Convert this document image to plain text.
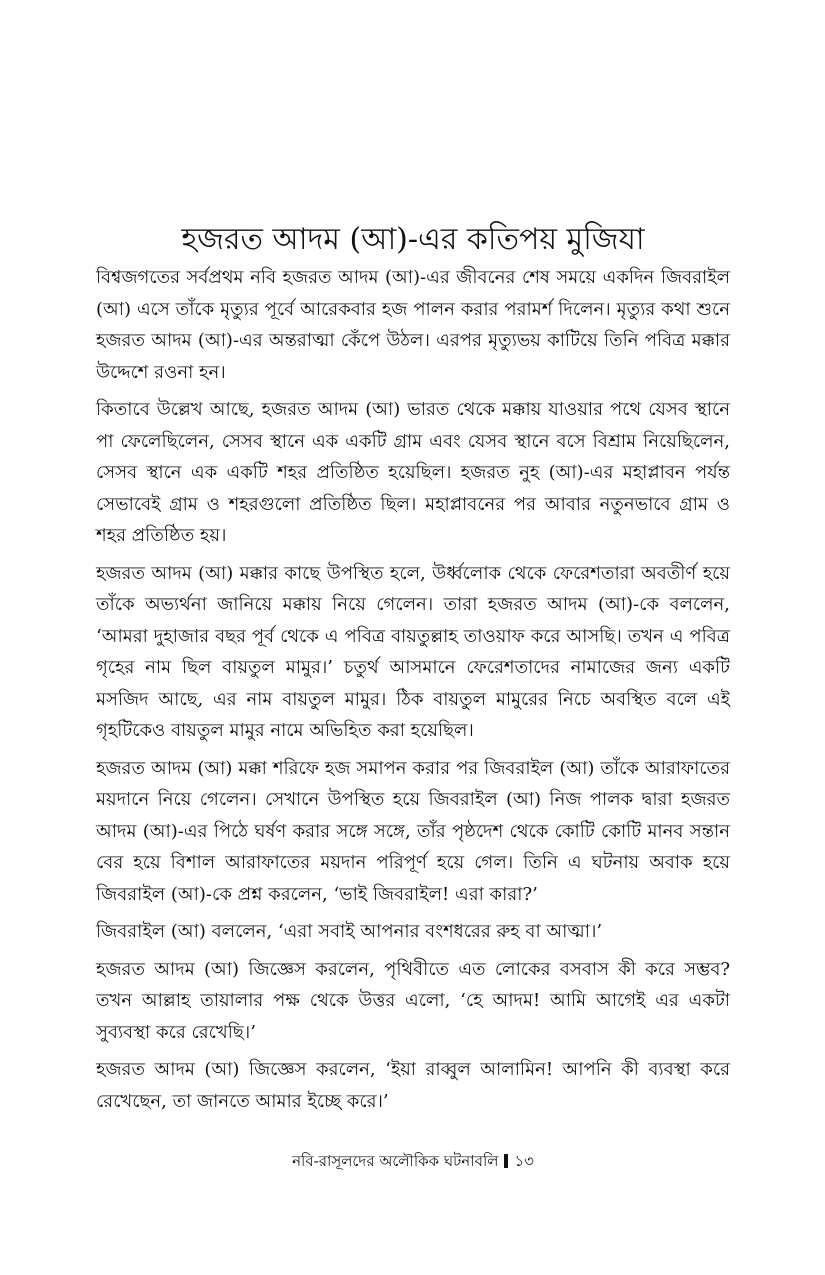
হজরত আদম (আ)-এর কতিপয় মুজিযা

বিশ্বজগতের সর্বপ্রথম নবি হজরত আদম (আ)-এর জীবনের শেষ সময়ে একদিন জিবরাইল (আ) এসে তাঁকে মৃত্যুর পূর্বে আরেকবার হজ পালন করার পরামর্শ দিলেন। মৃত্যুর কথা শুনে হজরত আদম (আ)-এর অন্তরাত্মা কেঁপে উঠল। এরপর মৃত্যুভয় কাটিয়ে তিনি পবিত্র মক্কার উদ্দেশে রওনা হন।

কিতাবে উল্লেখ আছে, হজরত আদম (আ) ভারত থেকে মক্কায় যাওয়ার পথে যেসব স্থানে পা ফেলেছিলেন, সেসব স্থানে এক একটি গ্রাম এবং যেসব স্থানে বসে বিশ্রাম নিয়েছিলেন, সেসব স্থানে এক একটি শহর প্রতিষ্ঠিত হয়েছিল। হজরত নুহ (আ)-এর মহাপ্লাবন পর্যন্ত সেভাবেই গ্রাম ও শহরগুলো প্রতিষ্ঠিত ছিল। মহাপ্লাবনের পর আবার নতুনভাবে গ্রাম ও শহর প্রতিষ্ঠিত হয়।

হজরত আদম (আ) মক্কার কাছে উপস্থিত হলে, উর্ধ্বলোক থেকে ফেরেশতারা অবতীর্ণ হয়ে তাঁকে অভ্যর্থনা জানিয়ে মক্কায় নিয়ে গেলেন। তারা হজরত আদম (আ)-কে বললেন, ‘আমরা দুহাজার বছর পূর্ব থেকে এ পবিত্র বায়তুল্লাহ তাওয়াফ করে আসছি। তখন এ পবিত্র গৃহের নাম ছিল বায়তুল মামুর।’ চতুর্থ আসমানে ফেরেশতাদের নামাজের জন্য একটি মসজিদ আছে, এর নাম বায়তুল মামুর। ঠিক বায়তুল মামুরের নিচে অবস্থিত বলে এই গৃহটিকেও বায়তুল মামুর নামে অভিহিত করা হয়েছিল।

হজরত আদম (আ) মক্কা শরিফে হজ সমাপন করার পর জিবরাইল (আ) তাঁকে আরাফাতের ময়দানে নিয়ে গেলেন। সেখানে উপস্থিত হয়ে জিবরাইল (আ) নিজ পালক দ্বারা হজরত আদম (আ)-এর পিঠে ঘর্ষণ করার সঙ্গে সঙ্গে, তাঁর পৃষ্ঠদেশ থেকে কোটি কোটি মানব সন্তান বের হয়ে বিশাল আরাফাতের ময়দান পরিপূর্ণ হয়ে গেল। তিনি এ ঘটনায় অবাক হয়ে জিবরাইল (আ)-কে প্রশ্ন করলেন, ‘ভাই জিবরাইল! এরা কারা?’

জিবরাইল (আ) বললেন, ‘এরা সবাই আপনার বংশধরের রুহ বা আত্মা।’

হজরত আদম (আ) জিজ্ঞেস করলেন, পৃথিবীতে এত লোকের বসবাস কী করে সম্ভব? তখন আল্লাহ তায়ালার পক্ষ থেকে উত্তর এলো, ‘হে আদম! আমি আগেই এর একটা সুব্যবস্থা করে রেখেছি।’

হজরত আদম (আ) জিজ্ঞেস করলেন, ‘ইয়া রাব্বুল আলামিন! আপনি কী ব্যবস্থা করে রেখেছেন, তা জানতে আমার ইচ্ছে করে।’

নবি-রাসূলদের অলৌকিক ঘটনাবলি ১৩
